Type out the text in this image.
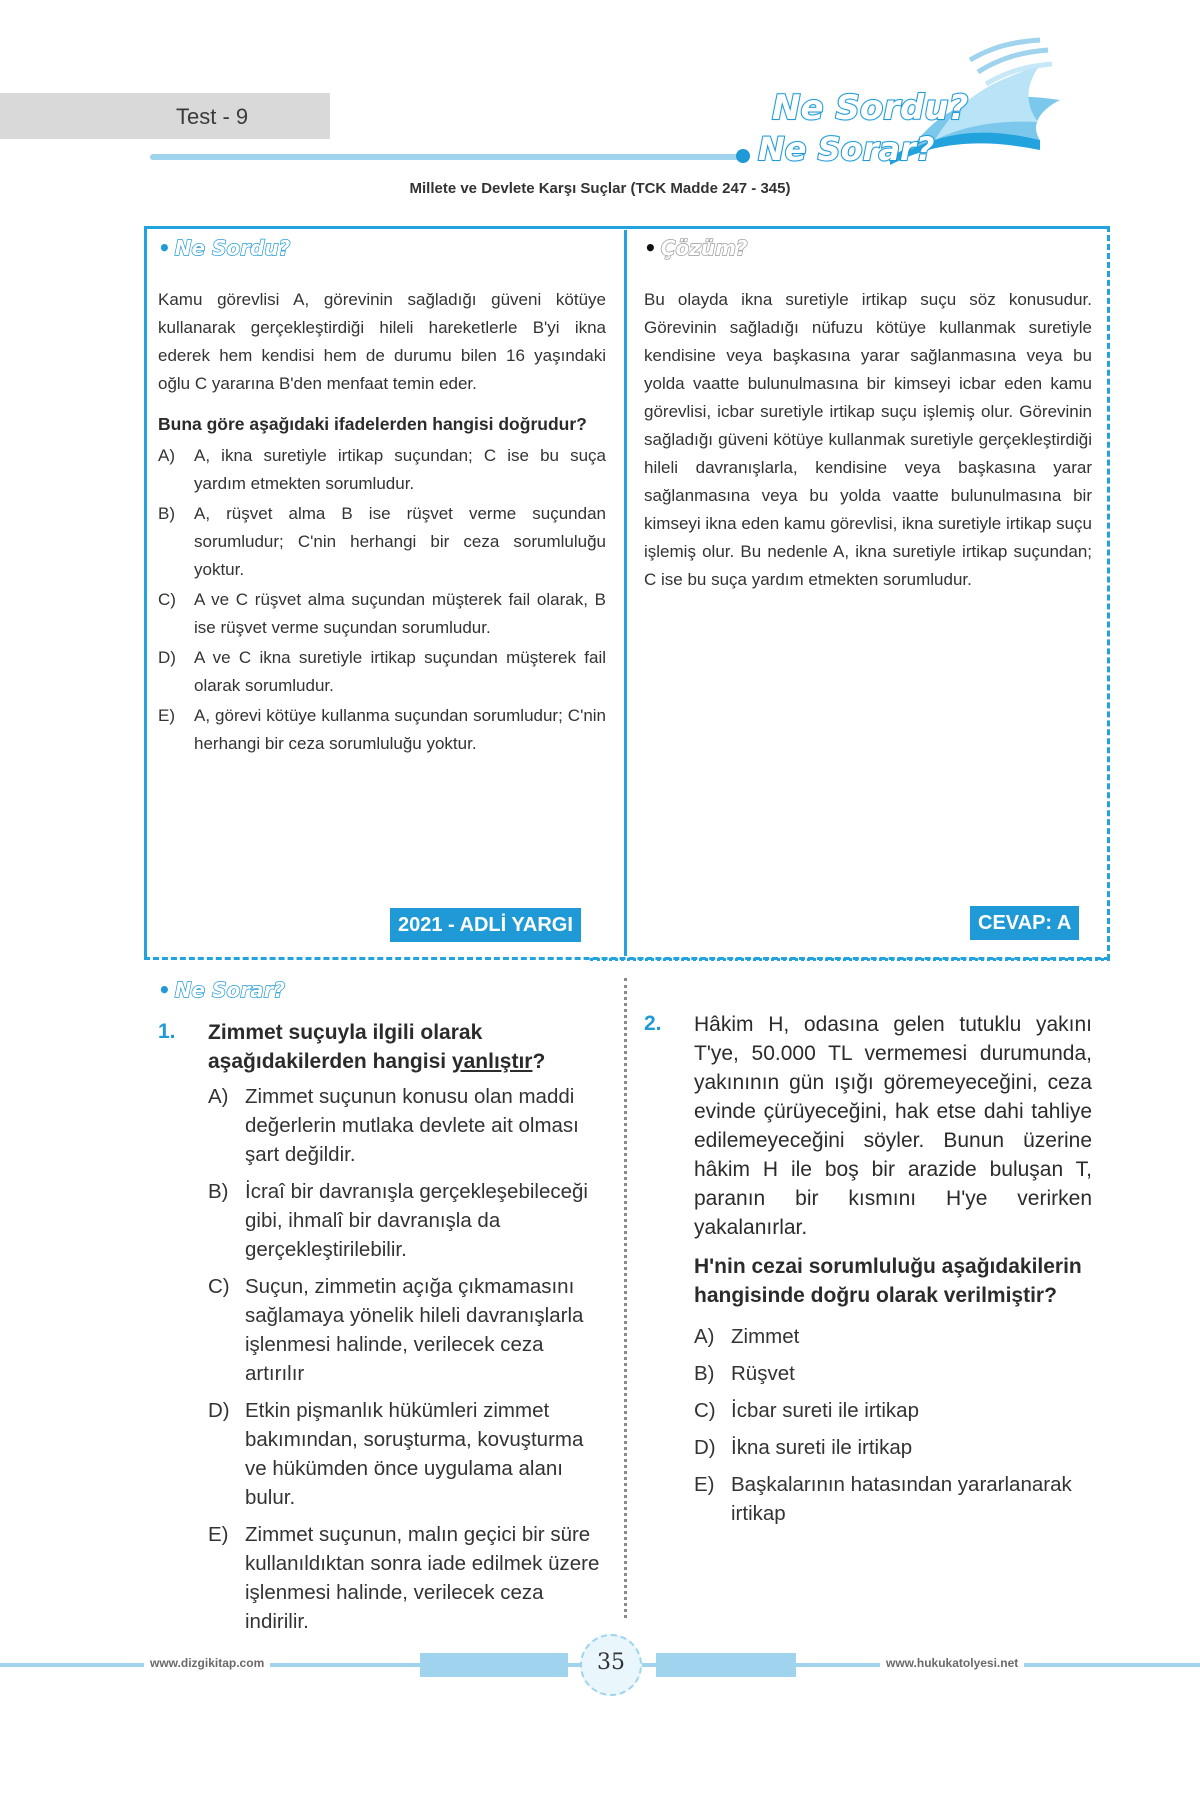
Test - 9	Ne Sordu?
Ne Sorar?
Millete ve Devlete Karşı Suçlar (TCK Madde 247 - 345)
• Ne Sordu?

Kamu görevlisi A, görevinin sağladığı güveni kötüye kullanarak gerçekleştirdiği hileli hareketlerle B'yi ikna ederek hem kendisi hem de durumu bilen 16 yaşındaki oğlu C yararına B'den menfaat temin eder.

Buna göre aşağıdaki ifadelerden hangisi doğrudur?
A)	A, ikna suretiyle irtikap suçundan; C ise bu suça yardım etmekten sorumludur.
B)	A, rüşvet alma B ise rüşvet verme suçundan sorumludur; C'nin herhangi bir ceza sorumluluğu yoktur.
C)	A ve C rüşvet alma suçundan müşterek fail olarak, B ise rüşvet verme suçundan sorumludur.
D)	A ve C ikna suretiyle irtikap suçundan müşterek fail olarak sorumludur.
E)	A, görevi kötüye kullanma suçundan sorumludur; C'nin herhangi bir ceza sorumluluğu yoktur.
2021 - ADLİ YARGI
• Çözüm?

Bu olayda ikna suretiyle irtikap suçu söz konusudur. Görevinin sağladığı nüfuzu kötüye kullanmak suretiyle kendisine veya başkasına yarar sağlanmasına veya bu yolda vaatte bulunulmasına bir kimseyi icbar eden kamu görevlisi, icbar suretiyle irtikap suçu işlemiş olur. Görevinin sağladığı güveni kötüye kullanmak suretiyle gerçekleştirdiği hileli davranışlarla, kendisine veya başkasına yarar sağlanmasına veya bu yolda vaatte bulunulmasına bir kimseyi ikna eden kamu görevlisi, ikna suretiyle irtikap suçu işlemiş olur. Bu nedenle A, ikna suretiyle irtikap suçundan; C ise bu suça yardım etmekten sorumludur.

CEVAP: A
• Ne Sorar?
1. Zimmet suçuyla ilgili olarak aşağıdakilerden hangisi yanlıştır?
A) Zimmet suçunun konusu olan maddi değerlerin mutlaka devlete ait olması şart değildir.
B) İcraî bir davranışla gerçekleşebileceği gibi, ihmalî bir davranışla da gerçekleştirilebilir.
C) Suçun, zimmetin açığa çıkmamasını sağlamaya yönelik hileli davranışlarla işlenmesi halinde, verilecek ceza artırılır
D) Etkin pişmanlık hükümleri zimmet bakımından, soruşturma, kovuşturma ve hükümden önce uygulama alanı bulur.
E) Zimmet suçunun, malın geçici bir süre kullanıldıktan sonra iade edilmek üzere işlenmesi halinde, verilecek ceza indirilir.
2. Hâkim H, odasına gelen tutuklu yakını T'ye, 50.000 TL vermemesi durumunda, yakınının gün ışığı göremeyeceğini, ceza evinde çürüyeceğini, hak etse dahi tahliye edilemeyeceğini söyler. Bunun üzerine hâkim H ile boş bir arazide buluşan T, paranın bir kısmını H'ye verirken yakalanırlar.
H'nin cezai sorumluluğu aşağıdakilerin hangisinde doğru olarak verilmiştir?
A) Zimmet
B) Rüşvet
C) İcbar sureti ile irtikap
D) İkna sureti ile irtikap
E) Başkalarının hatasından yararlanarak irtikap
www.dizgikitap.com	www.hukukatolyesi.net
35
